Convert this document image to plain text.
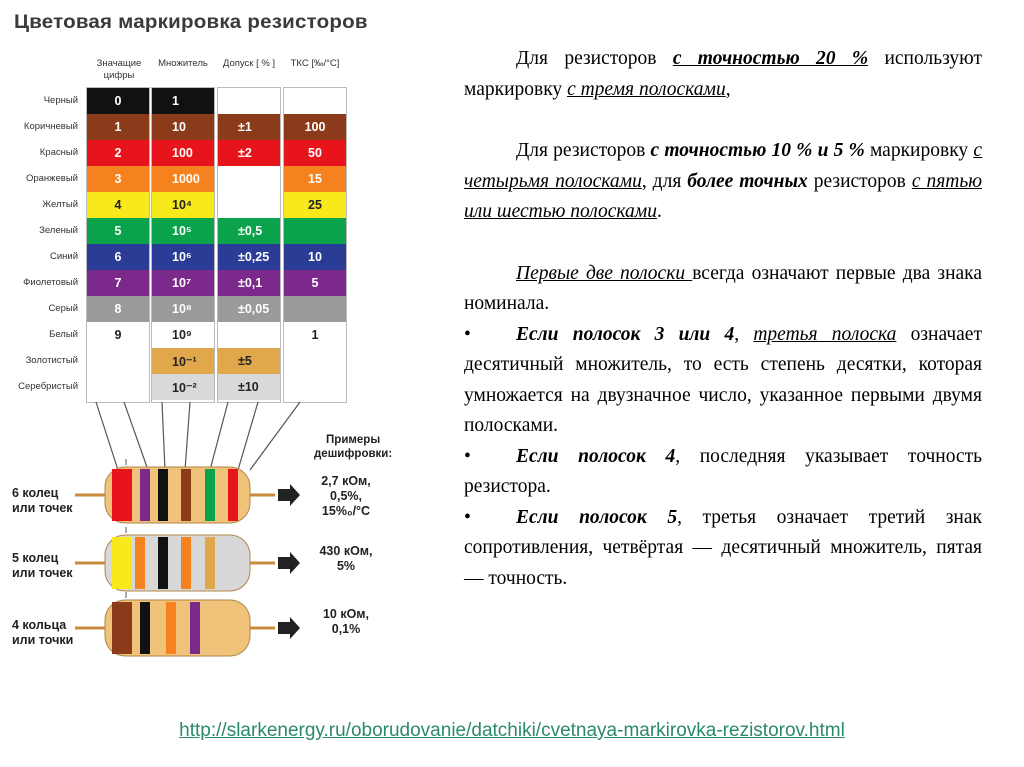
Цветовая маркировка резисторов
Значащие цифры
Множитель	Допуск [ % ]	ТКС [‰/°С]
Черный
Коричневый
Красный
Оранжевый
Желтый
Зеленый
Синий
Фиолетовый
Серый
Белый
Золотистый
Серебристый
0
1
2
3
4
5
6
7
8
9
1
10
100
1000
10⁴
10⁵
10⁶
10⁷
10⁸
10⁹
10⁻¹
10⁻²
±1
±2
±0,5
±0,25
±0,1
±0,05
±5
±10
100
50
15
25
10
5
1
Примеры
дешифровки:
6 колец
или точек
5 колец
или точек
4 кольца
или точки
2,7 кОм,
0,5%,
15%₀/°С
430 кОм,
5%
10 кОм,
0,1%

Для резисторов с точностью 20 % используют маркировку с тремя полосками,

Для резисторов с точностью 10 % и 5 % маркировку с четырьмя полосками, для более точных резисторов с пятью или шестью полосками.

Первые две полоски всегда означают первые два знака номинала.

• Если полосок 3 или 4, третья полоска означает десятичный множитель, то есть степень десятки, которая умножается на двузначное число, указанное первыми двумя полосками.

• Если полосок 4, последняя указывает точность резистора.

• Если полосок 5, третья означает третий знак сопротивления, четвёртая — десятичный множитель, пятая — точность.

http://slarkenergy.ru/oborudovanie/datchiki/cvetnaya-markirovka-rezistorov.html
